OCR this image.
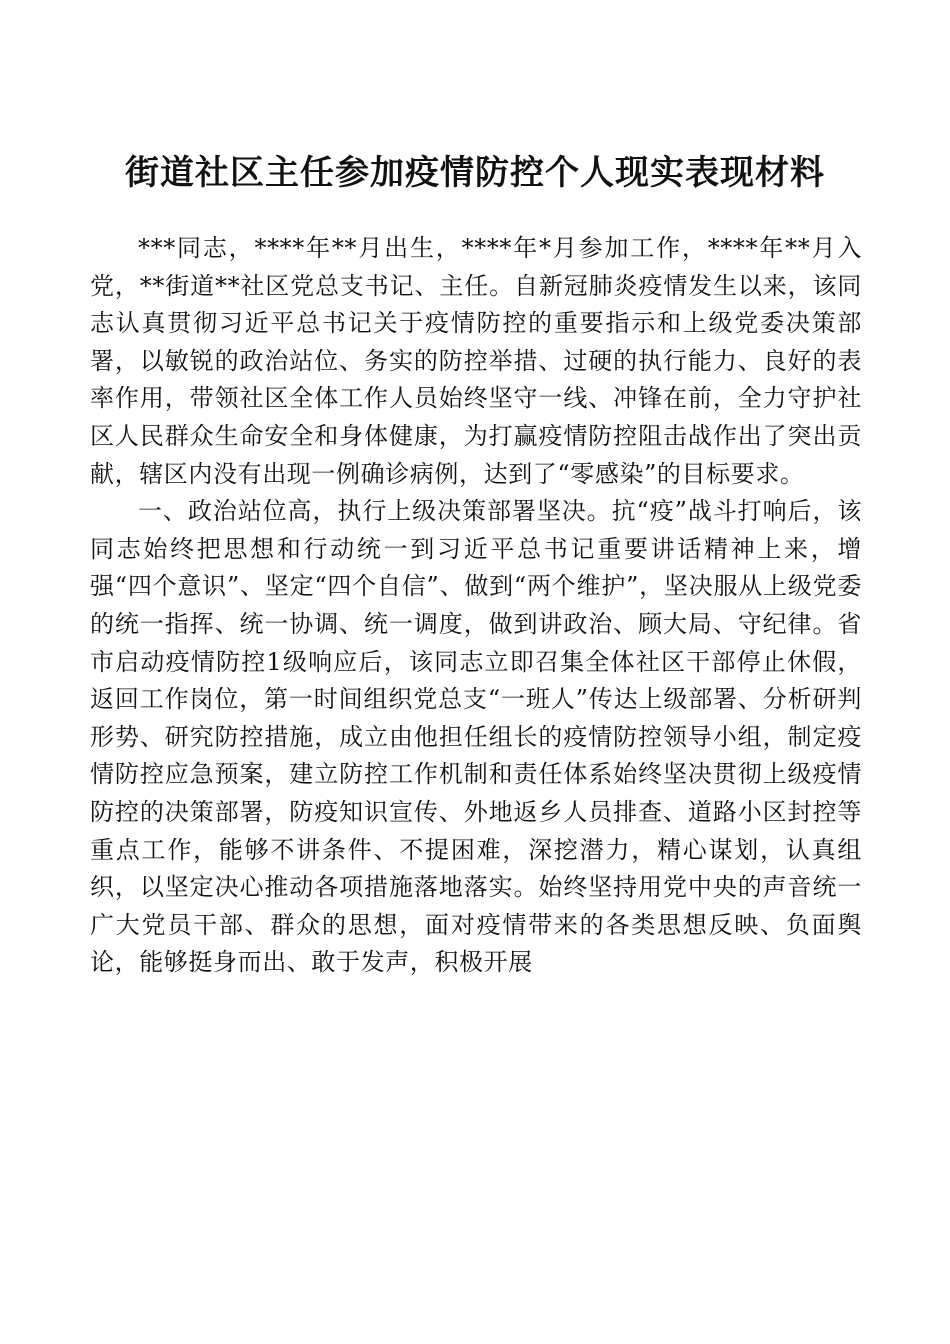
街道社区主任参加疫情防控个人现实表现材料

***同志，****年**月出生，****年*月参加工作，****年**月入党，**街道**社区党总支书记、主任。自新冠肺炎疫情发生以来，该同志认真贯彻习近平总书记关于疫情防控的重要指示和上级党委决策部署，以敏锐的政治站位、务实的防控举措、过硬的执行能力、良好的表率作用，带领社区全体工作人员始终坚守一线、冲锋在前，全力守护社区人民群众生命安全和身体健康，为打赢疫情防控阻击战作出了突出贡献，辖区内没有出现一例确诊病例，达到了“零感染”的目标要求。

一、政治站位高，执行上级决策部署坚决。抗“疫”战斗打响后，该同志始终把思想和行动统一到习近平总书记重要讲话精神上来，增强“四个意识”、坚定“四个自信”、做到“两个维护”，坚决服从上级党委的统一指挥、统一协调、统一调度，做到讲政治、顾大局、守纪律。省市启动疫情防控1级响应后，该同志立即召集全体社区干部停止休假，返回工作岗位，第一时间组织党总支“一班人”传达上级部署、分析研判形势、研究防控措施，成立由他担任组长的疫情防控领导小组，制定疫情防控应急预案，建立防控工作机制和责任体系始终坚决贯彻上级疫情防控的决策部署，防疫知识宣传、外地返乡人员排查、道路小区封控等重点工作，能够不讲条件、不提困难，深挖潜力，精心谋划，认真组织，以坚定决心推动各项措施落地落实。始终坚持用党中央的声音统一广大党员干部、群众的思想，面对疫情带来的各类思想反映、负面舆论，能够挺身而出、敢于发声，积极开展
